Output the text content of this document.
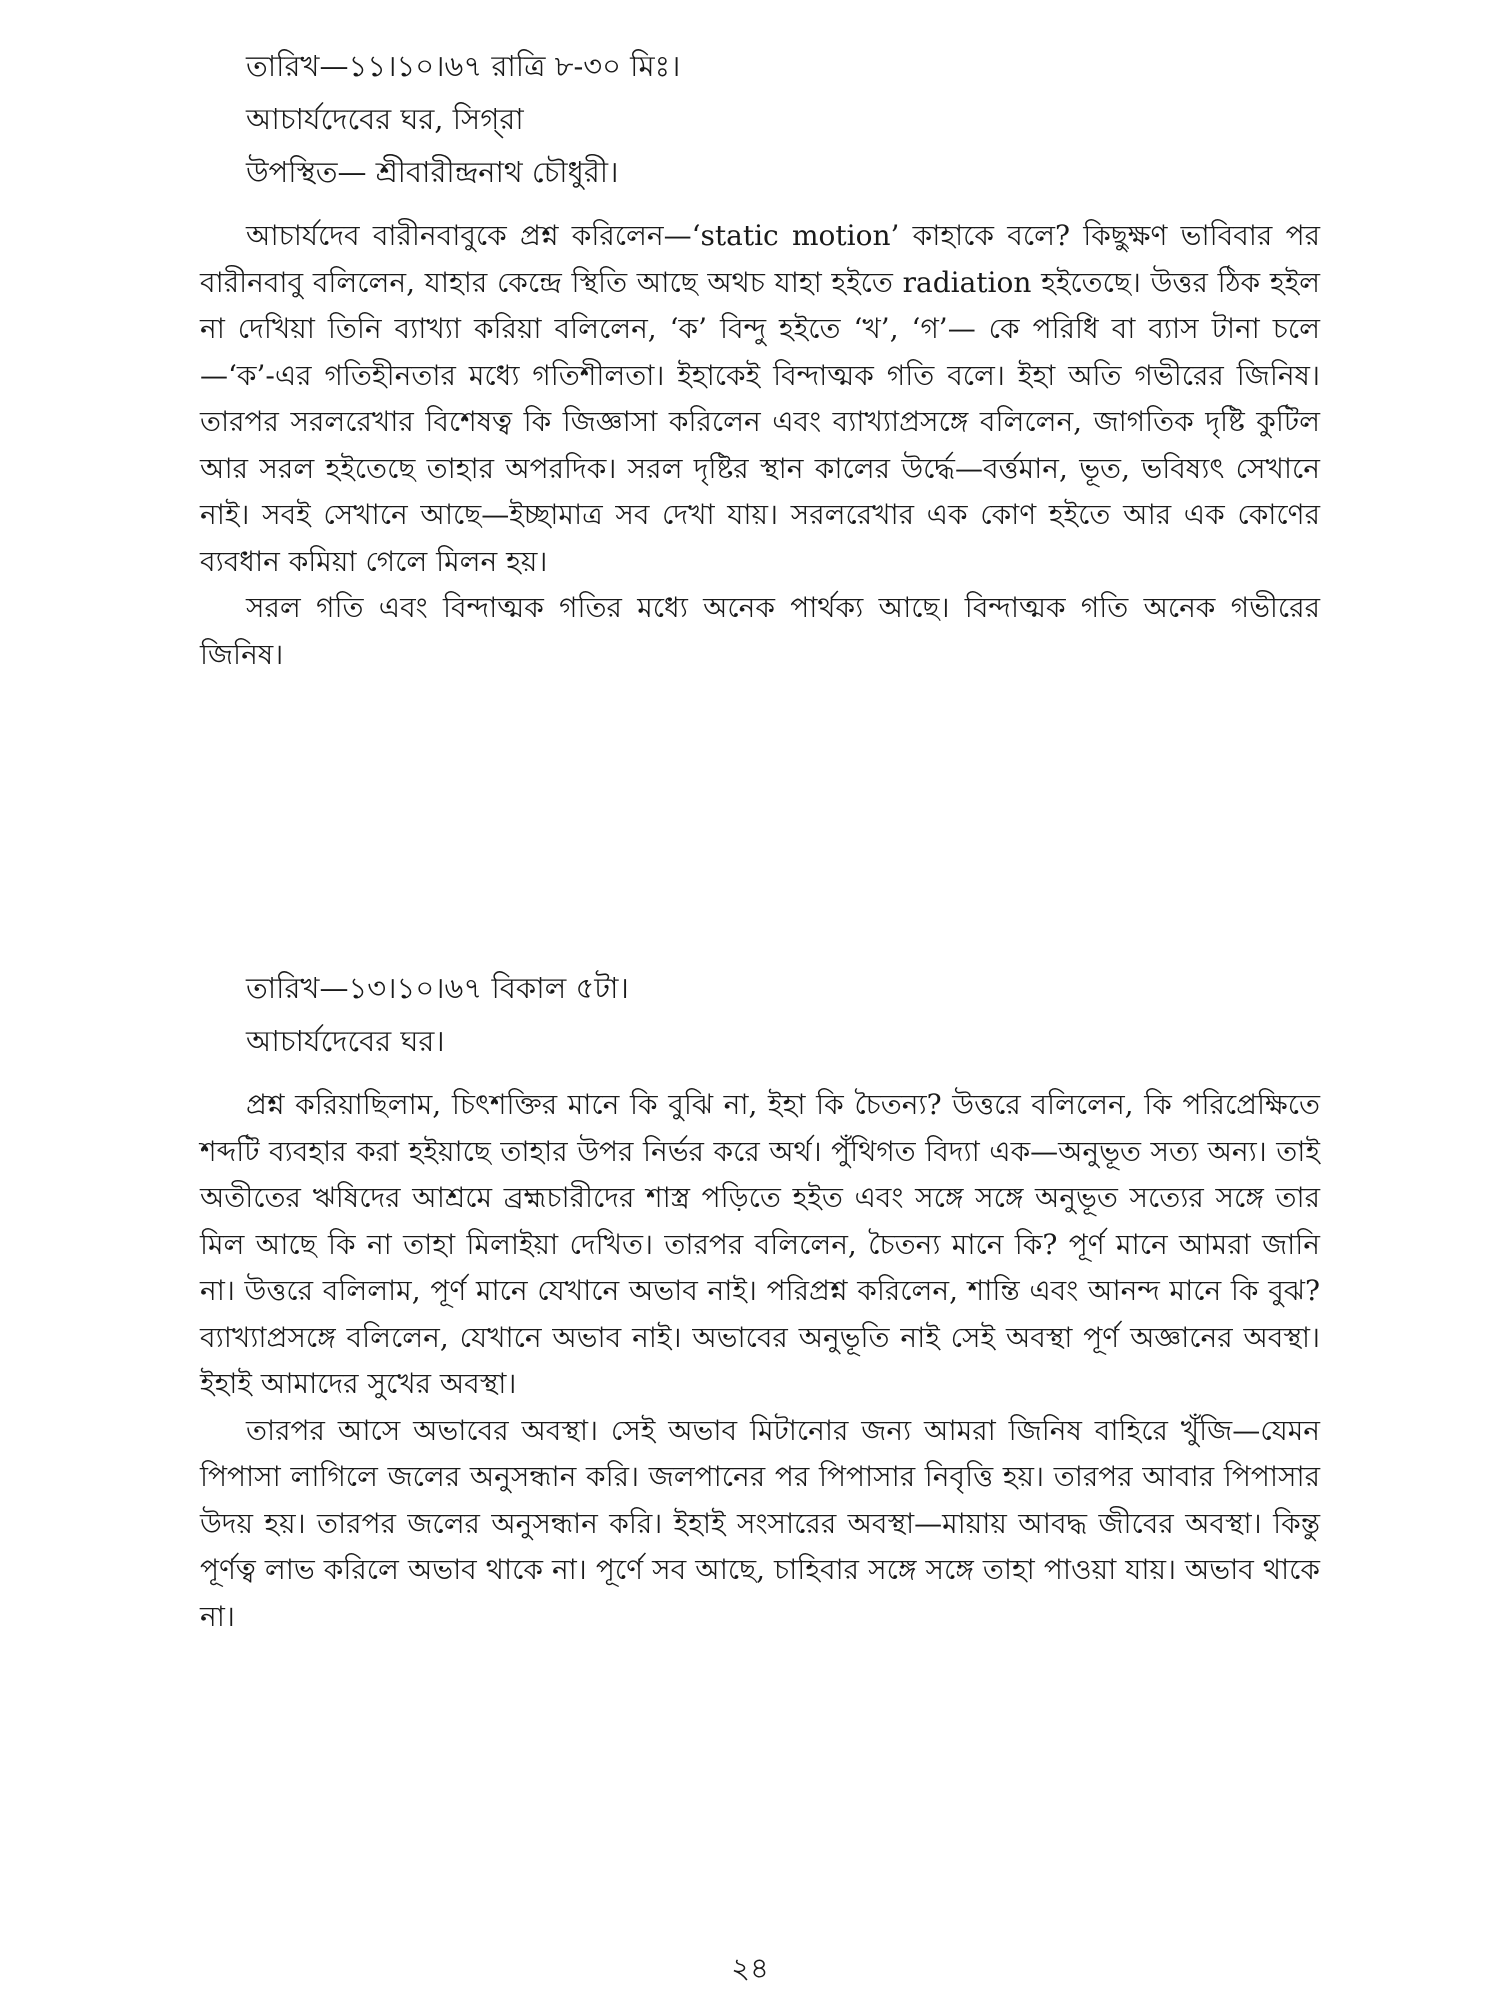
তারিখ—১১।১০।৬৭ রাত্রি ৮-৩০ মিঃ।
আচার্যদেবের ঘর, সিগ্‌রা
উপস্থিত— শ্রীবারীন্দ্রনাথ চৌধুরী।

আচার্যদেব বারীনবাবুকে প্রশ্ন করিলেন—‘static motion’ কাহাকে বলে? কিছুক্ষণ ভাবিবার পর বারীনবাবু বলিলেন, যাহার কেন্দ্রে স্থিতি আছে অথচ যাহা হইতে radiation হইতেছে। উত্তর ঠিক হইল না দেখিয়া তিনি ব্যাখ্যা করিয়া বলিলেন, ‘ক’ বিন্দু হইতে ‘খ’, ‘গ’— কে পরিধি বা ব্যাস টানা চলে—‘ক’-এর গতিহীনতার মধ্যে গতিশীলতা। ইহাকেই বিন্দাত্মক গতি বলে। ইহা অতি গভীরের জিনিষ। তারপর সরলরেখার বিশেষত্ব কি জিজ্ঞাসা করিলেন এবং ব্যাখ্যাপ্রসঙ্গে বলিলেন, জাগতিক দৃষ্টি কুটিল আর সরল হইতেছে তাহার অপরদিক। সরল দৃষ্টির স্থান কালের উর্দ্ধে—বর্ত্তমান, ভূত, ভবিষ্যৎ সেখানে নাই। সবই সেখানে আছে—ইচ্ছামাত্র সব দেখা যায়। সরলরেখার এক কোণ হইতে আর এক কোণের ব্যবধান কমিয়া গেলে মিলন হয়।

সরল গতি এবং বিন্দাত্মক গতির মধ্যে অনেক পার্থক্য আছে। বিন্দাত্মক গতি অনেক গভীরের জিনিষ।

তারিখ—১৩।১০।৬৭ বিকাল ৫টা।
আচার্যদেবের ঘর।

প্রশ্ন করিয়াছিলাম, চিৎশক্তির মানে কি বুঝি না, ইহা কি চৈতন্য? উত্তরে বলিলেন, কি পরিপ্রেক্ষিতে শব্দটি ব্যবহার করা হইয়াছে তাহার উপর নির্ভর করে অর্থ। পুঁথিগত বিদ্যা এক—অনুভূত সত্য অন্য। তাই অতীতের ঋষিদের আশ্রমে ব্রহ্মচারীদের শাস্ত্র পড়িতে হইত এবং সঙ্গে সঙ্গে অনুভূত সত্যের সঙ্গে তার মিল আছে কি না তাহা মিলাইয়া দেখিত। তারপর বলিলেন, চৈতন্য মানে কি? পূর্ণ মানে আমরা জানি না। উত্তরে বলিলাম, পূর্ণ মানে যেখানে অভাব নাই। পরিপ্রশ্ন করিলেন, শান্তি এবং আনন্দ মানে কি বুঝ? ব্যাখ্যাপ্রসঙ্গে বলিলেন, যেখানে অভাব নাই। অভাবের অনুভূতি নাই সেই অবস্থা পূর্ণ অজ্ঞানের অবস্থা। ইহাই আমাদের সুখের অবস্থা।

তারপর আসে অভাবের অবস্থা। সেই অভাব মিটানোর জন্য আমরা জিনিষ বাহিরে খুঁজি—যেমন পিপাসা লাগিলে জলের অনুসন্ধান করি। জলপানের পর পিপাসার নিবৃত্তি হয়। তারপর আবার পিপাসার উদয় হয়। তারপর জলের অনুসন্ধান করি। ইহাই সংসারের অবস্থা—মায়ায় আবদ্ধ জীবের অবস্থা। কিন্তু পূর্ণত্ব লাভ করিলে অভাব থাকে না। পূর্ণে সব আছে, চাহিবার সঙ্গে সঙ্গে তাহা পাওয়া যায়। অভাব থাকে না।

২৪
